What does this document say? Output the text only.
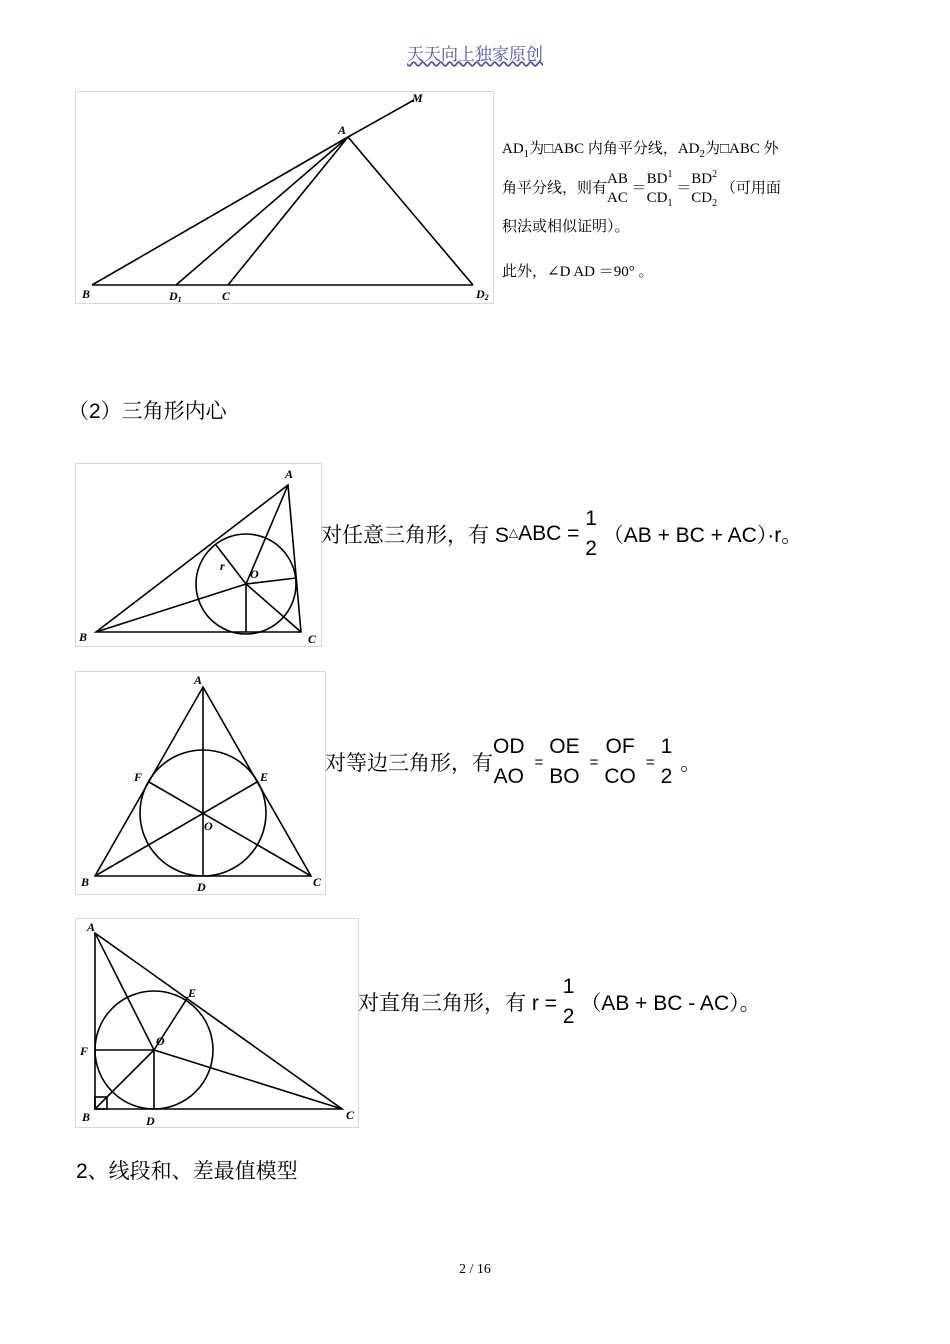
天天向上独家原创
M
A
B	D1	C	D2
$AD_1$为□ABC 内角平分线，$AD_2$为□ABC 外
角平分线，则有
AB
AC
＝
$BD^1$
$CD_1$
＝
$BD^2$
$CD_2$
（可用面
积法或相似证明）。
此外，∠D AD ＝90° 。
（2）三角形内心
A
B	C
O
r
对任意三角形，有 S△ABC =
1
2
（AB + BC + AC）·r。
A
B	C
D
E
F
O
对等边三角形，有
OD
AO
=
OE
BO
=
OF
CO
=
1
2
。
A
B	C
D
E
F
O
对直角三角形，有 r =
1
2
（AB + BC - AC）。
2、线段和、差最值模型
2 / 16
